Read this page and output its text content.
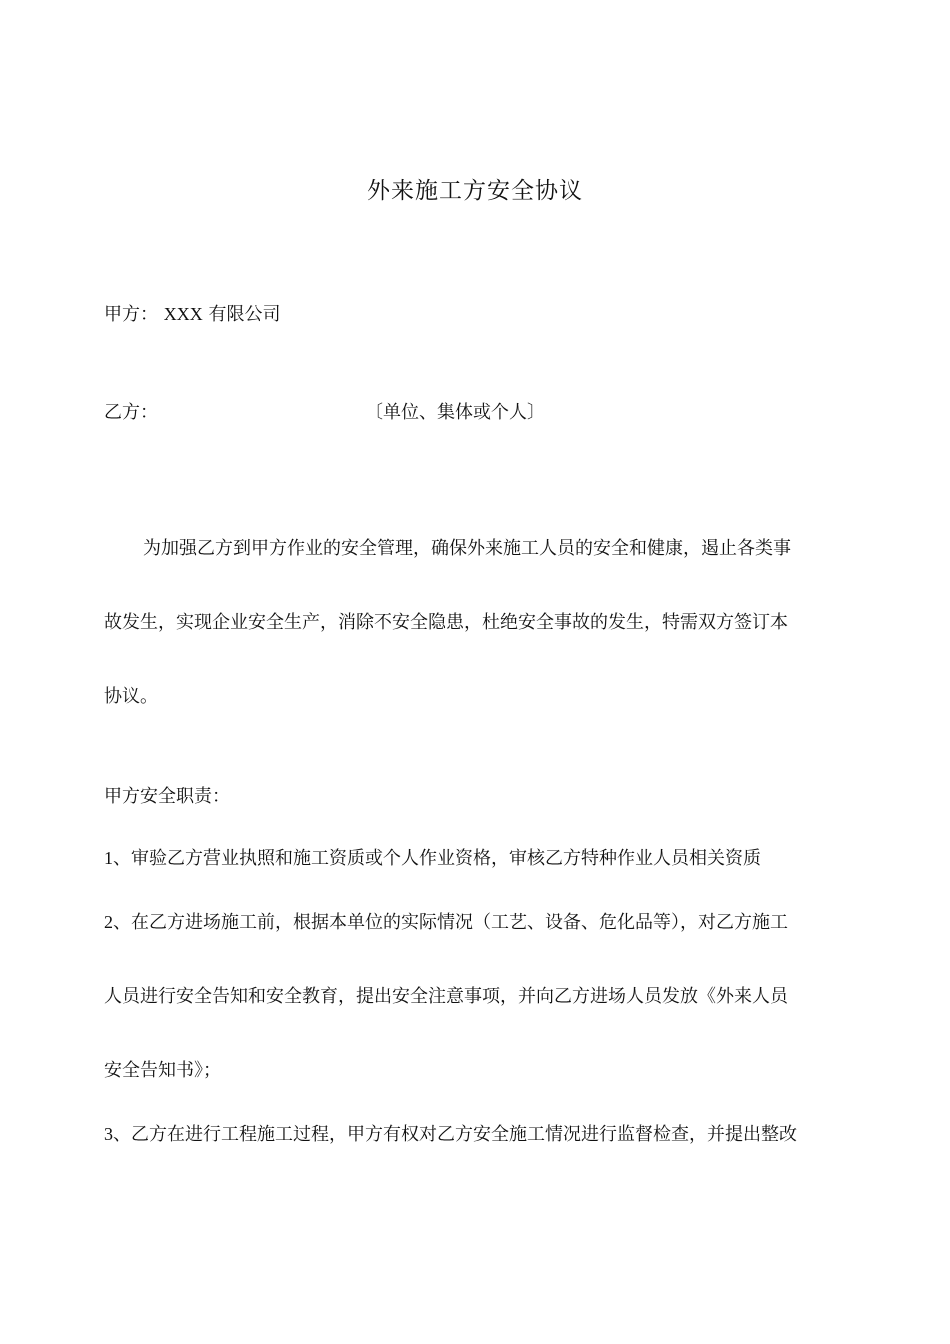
外来施工方安全协议
甲方： XXX 有限公司
乙方：	〔单位、集体或个人〕
为加强乙方到甲方作业的安全管理，确保外来施工人员的安全和健康，遏止各类事
故发生，实现企业安全生产，消除不安全隐患，杜绝安全事故的发生，特需双方签订本
协议。
甲方安全职责：
1、审验乙方营业执照和施工资质或个人作业资格，审核乙方特种作业人员相关资质
2、在乙方进场施工前，根据本单位的实际情况（工艺、设备、危化品等），对乙方施工
人员进行安全告知和安全教育，提出安全注意事项，并向乙方进场人员发放《外来人员
安全告知书》；
3、乙方在进行工程施工过程，甲方有权对乙方安全施工情况进行监督检查，并提出整改
